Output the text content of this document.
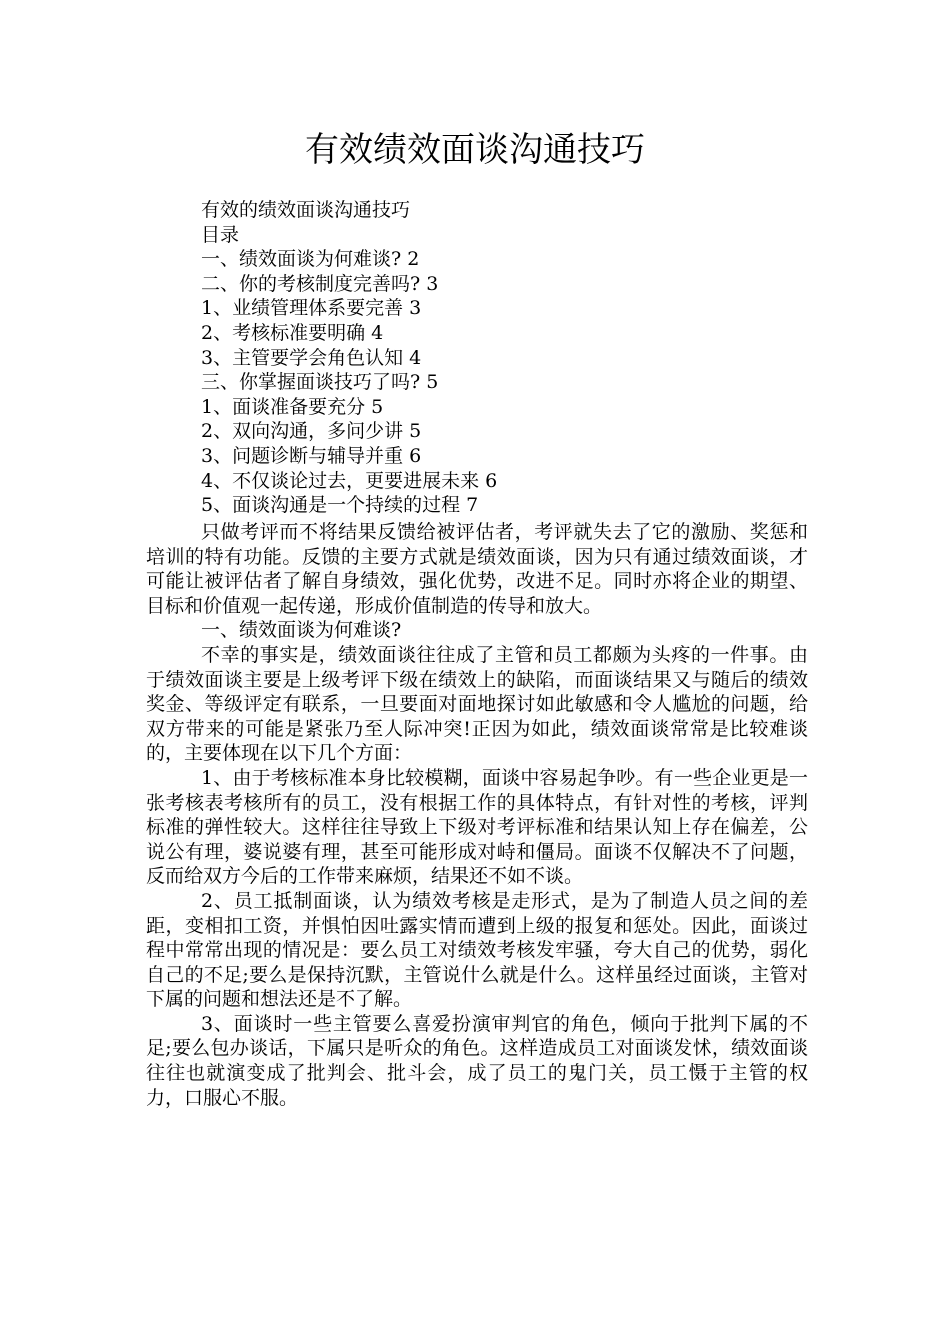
有效绩效面谈沟通技巧
有效的绩效面谈沟通技巧
目录
一、绩效面谈为何难谈? 2
二、你的考核制度完善吗? 3
1、业绩管理体系要完善 3
2、考核标准要明确 4
3、主管要学会角色认知 4
三、你掌握面谈技巧了吗? 5
1、面谈准备要充分 5
2、双向沟通，多问少讲 5
3、问题诊断与辅导并重 6
4、不仅谈论过去，更要进展未来 6
5、面谈沟通是一个持续的过程 7

只做考评而不将结果反馈给被评估者，考评就失去了它的激励、奖惩和培训的特有功能。反馈的主要方式就是绩效面谈，因为只有通过绩效面谈，才可能让被评估者了解自身绩效，强化优势，改进不足。同时亦将企业的期望、目标和价值观一起传递，形成价值制造的传导和放大。

一、绩效面谈为何难谈?

不幸的事实是，绩效面谈往往成了主管和员工都颇为头疼的一件事。由于绩效面谈主要是上级考评下级在绩效上的缺陷，而面谈结果又与随后的绩效奖金、等级评定有联系，一旦要面对面地探讨如此敏感和令人尴尬的问题，给双方带来的可能是紧张乃至人际冲突!正因为如此，绩效面谈常常是比较难谈的，主要体现在以下几个方面：

1、由于考核标准本身比较模糊，面谈中容易起争吵。有一些企业更是一张考核表考核所有的员工，没有根据工作的具体特点，有针对性的考核，评判标准的弹性较大。这样往往导致上下级对考评标准和结果认知上存在偏差，公说公有理，婆说婆有理，甚至可能形成对峙和僵局。面谈不仅解决不了问题，反而给双方今后的工作带来麻烦，结果还不如不谈。

2、员工抵制面谈，认为绩效考核是走形式，是为了制造人员之间的差距，变相扣工资，并惧怕因吐露实情而遭到上级的报复和惩处。因此，面谈过程中常常出现的情况是：要么员工对绩效考核发牢骚，夸大自己的优势，弱化自己的不足;要么是保持沉默，主管说什么就是什么。这样虽经过面谈，主管对下属的问题和想法还是不了解。

3、面谈时一些主管要么喜爱扮演审判官的角色，倾向于批判下属的不足;要么包办谈话，下属只是听众的角色。这样造成员工对面谈发怵，绩效面谈往往也就演变成了批判会、批斗会，成了员工的鬼门关，员工慑于主管的权力，口服心不服。
